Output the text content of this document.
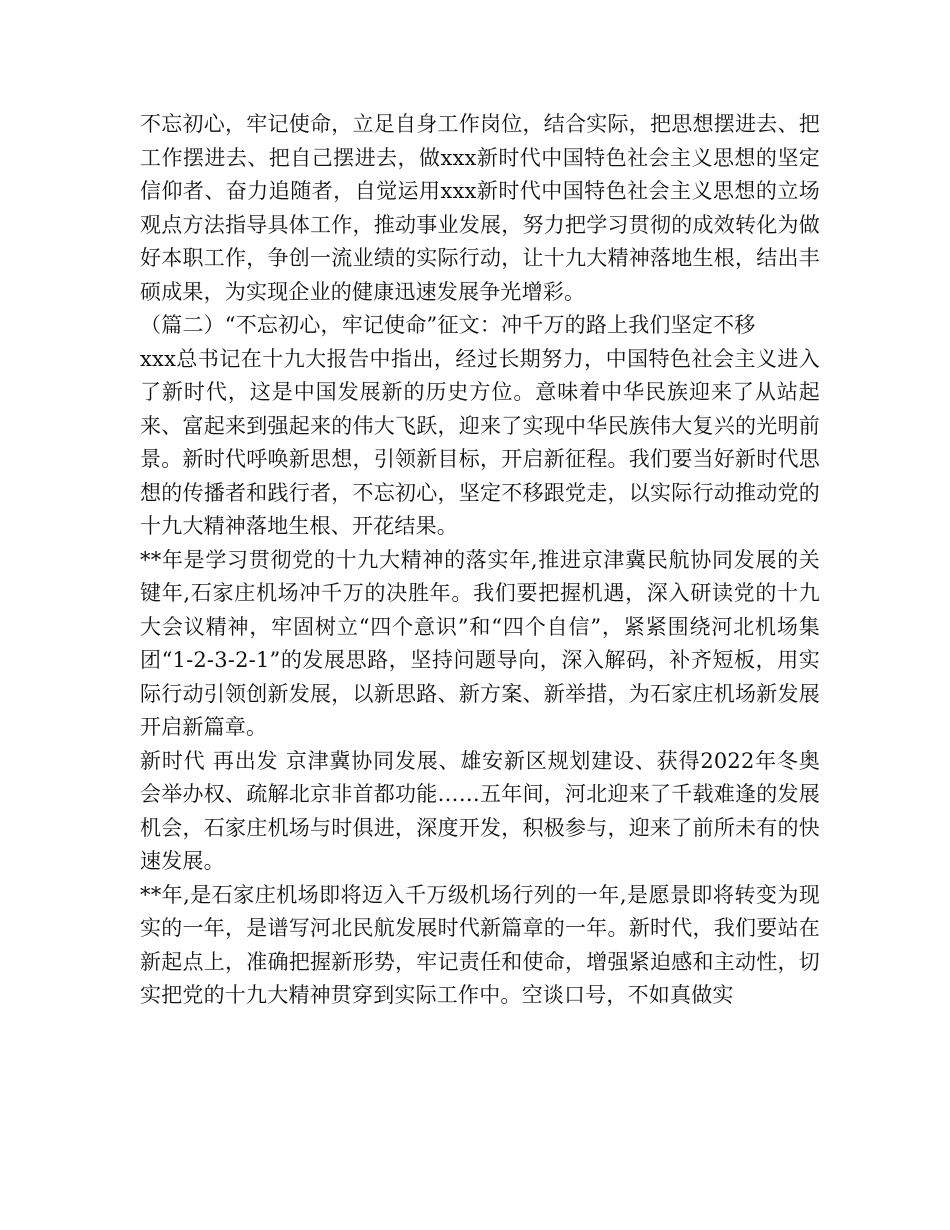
不忘初心，牢记使命，立足自身工作岗位，结合实际，把思想摆进去、把工作摆进去、把自己摆进去，做xxx新时代中国特色社会主义思想的坚定信仰者、奋力追随者，自觉运用xxx新时代中国特色社会主义思想的立场观点方法指导具体工作，推动事业发展，努力把学习贯彻的成效转化为做好本职工作，争创一流业绩的实际行动，让十九大精神落地生根，结出丰硕成果，为实现企业的健康迅速发展争光增彩。

（篇二）“不忘初心，牢记使命”征文：冲千万的路上我们坚定不移

xxx总书记在十九大报告中指出，经过长期努力，中国特色社会主义进入了新时代，这是中国发展新的历史方位。意味着中华民族迎来了从站起来、富起来到强起来的伟大飞跃，迎来了实现中华民族伟大复兴的光明前景。新时代呼唤新思想，引领新目标，开启新征程。我们要当好新时代思想的传播者和践行者，不忘初心，坚定不移跟党走，以实际行动推动党的十九大精神落地生根、开花结果。

**年是学习贯彻党的十九大精神的落实年,推进京津冀民航协同发展的关键年,石家庄机场冲千万的决胜年。我们要把握机遇，深入研读党的十九大会议精神，牢固树立“四个意识”和“四个自信”，紧紧围绕河北机场集团“1-2-3-2-1”的发展思路，坚持问题导向，深入解码，补齐短板，用实际行动引领创新发展，以新思路、新方案、新举措，为石家庄机场新发展开启新篇章。

新时代 再出发 京津冀协同发展、雄安新区规划建设、获得2022年冬奥会举办权、疏解北京非首都功能……五年间，河北迎来了千载难逢的发展机会，石家庄机场与时俱进，深度开发，积极参与，迎来了前所未有的快速发展。

**年,是石家庄机场即将迈入千万级机场行列的一年,是愿景即将转变为现实的一年，是谱写河北民航发展时代新篇章的一年。新时代，我们要站在新起点上，准确把握新形势，牢记责任和使命，增强紧迫感和主动性，切实把党的十九大精神贯穿到实际工作中。空谈口号，不如真做实
